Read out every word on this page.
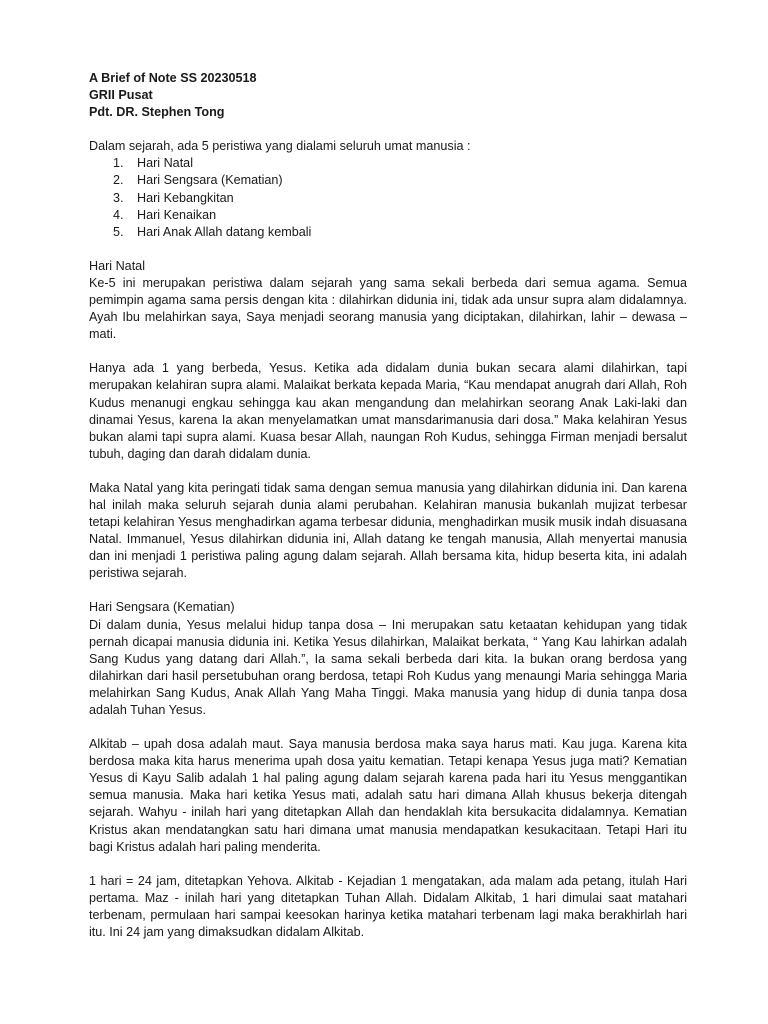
A Brief of Note SS 20230518

GRII Pusat

Pdt. DR. Stephen Tong

Dalam sejarah, ada 5 peristiwa yang dialami seluruh umat manusia :

1.	Hari Natal
2.	Hari Sengsara (Kematian)
3.	Hari Kebangkitan
4.	Hari Kenaikan
5.	Hari Anak Allah datang kembali

Hari Natal

Ke-5 ini merupakan peristiwa dalam sejarah yang sama sekali berbeda dari semua agama. Semua pemimpin agama sama persis dengan kita : dilahirkan didunia ini, tidak ada unsur supra alam didalamnya. Ayah Ibu melahirkan saya, Saya menjadi seorang manusia yang diciptakan, dilahirkan, lahir – dewasa – mati.

Hanya ada 1 yang berbeda, Yesus. Ketika ada didalam dunia bukan secara alami dilahirkan, tapi merupakan kelahiran supra alami. Malaikat berkata kepada Maria, “Kau mendapat anugrah dari Allah, Roh Kudus menanugi engkau sehingga kau akan mengandung dan melahirkan seorang Anak Laki-laki dan dinamai Yesus, karena Ia akan menyelamatkan umat mansdarimanusia dari dosa.” Maka kelahiran Yesus bukan alami tapi supra alami. Kuasa besar Allah, naungan Roh Kudus, sehingga Firman menjadi bersalut tubuh, daging dan darah didalam dunia.

Maka Natal yang kita peringati tidak sama dengan semua manusia yang dilahirkan didunia ini. Dan karena hal inilah maka seluruh sejarah dunia alami perubahan. Kelahiran manusia bukanlah mujizat terbesar tetapi kelahiran Yesus menghadirkan agama terbesar didunia, menghadirkan musik musik indah disuasana Natal. Immanuel, Yesus dilahirkan didunia ini, Allah datang ke tengah manusia, Allah menyertai manusia dan ini menjadi 1 peristiwa paling agung dalam sejarah. Allah bersama kita, hidup beserta kita, ini adalah peristiwa sejarah.

Hari Sengsara (Kematian)

Di dalam dunia, Yesus melalui hidup tanpa dosa – Ini merupakan satu ketaatan kehidupan yang tidak pernah dicapai manusia didunia ini. Ketika Yesus dilahirkan, Malaikat berkata, “ Yang Kau lahirkan adalah Sang Kudus yang datang dari Allah.”, Ia sama sekali berbeda dari kita. Ia bukan orang berdosa yang dilahirkan dari hasil persetubuhan orang berdosa, tetapi Roh Kudus yang menaungi Maria sehingga Maria melahirkan Sang Kudus, Anak Allah Yang Maha Tinggi. Maka manusia yang hidup di dunia tanpa dosa adalah Tuhan Yesus.

Alkitab – upah dosa adalah maut. Saya manusia berdosa maka saya harus mati. Kau juga. Karena kita berdosa maka kita harus menerima upah dosa yaitu kematian. Tetapi kenapa Yesus juga mati? Kematian Yesus di Kayu Salib adalah 1 hal paling agung dalam sejarah karena pada hari itu Yesus menggantikan semua manusia. Maka hari ketika Yesus mati, adalah satu hari dimana Allah khusus bekerja ditengah sejarah. Wahyu - inilah hari yang ditetapkan Allah dan hendaklah kita bersukacita didalamnya. Kematian Kristus akan mendatangkan satu hari dimana umat manusia mendapatkan kesukacitaan. Tetapi Hari itu bagi Kristus adalah hari paling menderita.

1 hari = 24 jam, ditetapkan Yehova. Alkitab - Kejadian 1 mengatakan, ada malam ada petang, itulah Hari pertama. Maz - inilah hari yang ditetapkan Tuhan Allah. Didalam Alkitab, 1 hari dimulai saat matahari terbenam, permulaan hari sampai keesokan harinya ketika matahari terbenam lagi maka berakhirlah hari itu. Ini 24 jam yang dimaksudkan didalam Alkitab.
